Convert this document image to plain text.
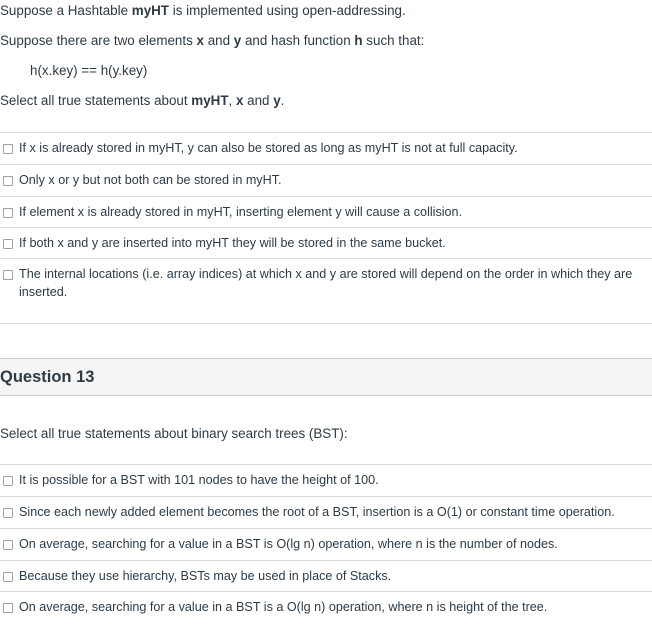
Suppose a Hashtable myHT is implemented using open-addressing.
Suppose there are two elements x and y and hash function h such that:
h(x.key) == h(y.key)
Select all true statements about myHT, x and y.
If x is already stored in myHT, y can also be stored as long as myHT is not at full capacity.
Only x or y but not both can be stored in myHT.
If element x is already stored in myHT, inserting element y will cause a collision.
If both x and y are inserted into myHT they will be stored in the same bucket.
The internal locations (i.e. array indices) at which x and y are stored will depend on the order in which they are inserted.
Question 13
Select all true statements about binary search trees (BST):
It is possible for a BST with 101 nodes to have the height of 100.
Since each newly added element becomes the root of a BST, insertion is a O(1) or constant time operation.
On average, searching for a value in a BST is O(lg n) operation, where n is the number of nodes.
Because they use hierarchy, BSTs may be used in place of Stacks.
On average, searching for a value in a BST is a O(lg n) operation, where n is height of the tree.
